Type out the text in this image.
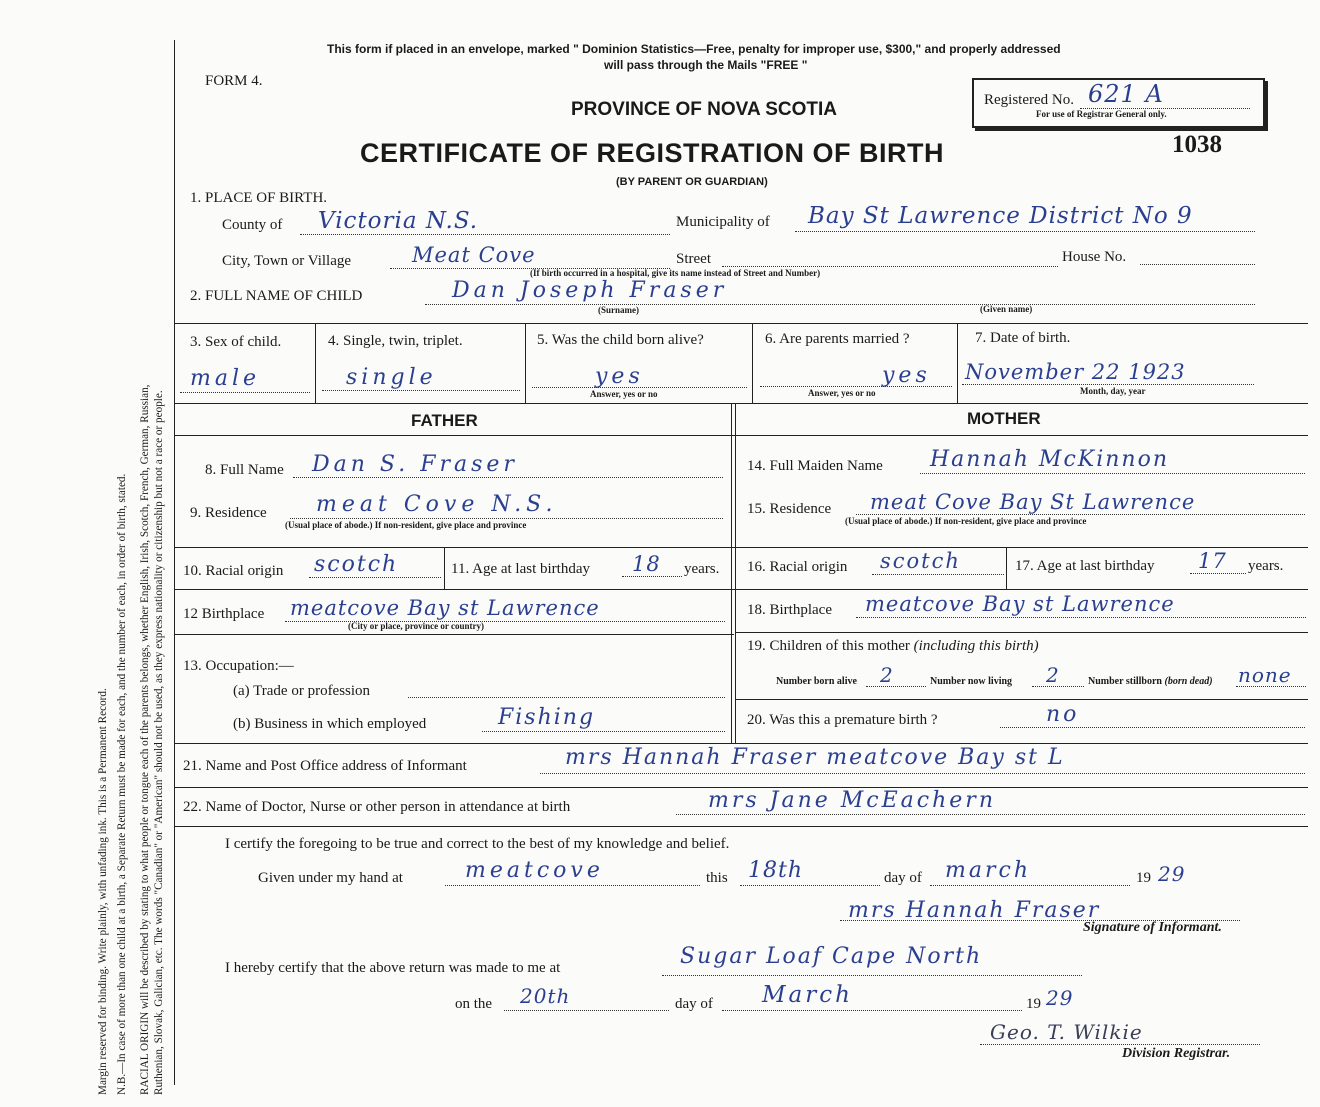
Margin reserved for binding. Write plainly, with unfading ink. This is a Permanent Record. N.B.—In case of more than one child at a birth, a Separate Return must be made for each, and the number of each, in order of birth, stated. RACIAL ORIGIN will be described by stating to what people or tongue each of the parents belongs, whether English, Irish, Scotch, French, German, Russian, Ruthenian, Slovak, Galician, etc. The words "Canadian" or "American" should not be used, as they express nationality or citizenship but not a race or people.
This form if placed in an envelope, marked " Dominion Statistics—Free, penalty for improper use, $300," and properly addressed
will pass through the Mails "FREE "
FORM 4.
PROVINCE OF NOVA SCOTIA
CERTIFICATE OF REGISTRATION OF BIRTH
(BY PARENT OR GUARDIAN)
Registered No. 621 A
For use of Registrar General only.
1038
1. PLACE OF BIRTH.
County of Victoria N.S.	Municipality of Bay St Lawrence District No 9
City, Town or Village	Meat Cove	Street
(If birth occurred in a hospital, give its name instead of Street and Number)
House No.
2. FULL NAME OF CHILD	Dan Joseph Fraser
(Surname)	(Given name)
3. Sex of child.
male
4. Single, twin, triplet.
single
5. Was the child born alive?
yes
Answer, yes or no
6. Are parents married ?
yes
Answer, yes or no
7. Date of birth.
November 22 1923
Month, day, year
FATHER	MOTHER
8. Full Name Dan S. Fraser
9. Residence meat Cove N.S.
(Usual place of abode.) If non-resident, give place and province
10. Racial origin scotch	11. Age at last birthday 18 years.
12 Birthplace meatcove Bay st Lawrence
(City or place, province or country)
13. Occupation:—
(a) Trade or profession
(b) Business in which employed	Fishing
14. Full Maiden Name Hannah McKinnon
15. Residence meat Cove Bay St Lawrence
(Usual place of abode.) If non-resident, give place and province
16. Racial origin scotch	17. Age at last birthday 17 years.
18. Birthplace meatcove Bay st Lawrence
19. Children of this mother (including this birth)
Number born alive 2	Number now living 2	Number stillborn (born dead) none
20. Was this a premature birth ?	no
21. Name and Post Office address of Informant	mrs Hannah Fraser meatcove Bay st L
22. Name of Doctor, Nurse or other person in attendance at birth	mrs Jane McEachern
I certify the foregoing to be true and correct to the best of my knowledge and belief.
Given under my hand at	meatcove	this 18th	day of march	19 29
mrs Hannah Fraser
Signature of Informant.
I hereby certify that the above return was made to me at	Sugar Loaf Cape North
on the 20th	day of March	19 29
Geo. T. Wilkie
Division Registrar.
